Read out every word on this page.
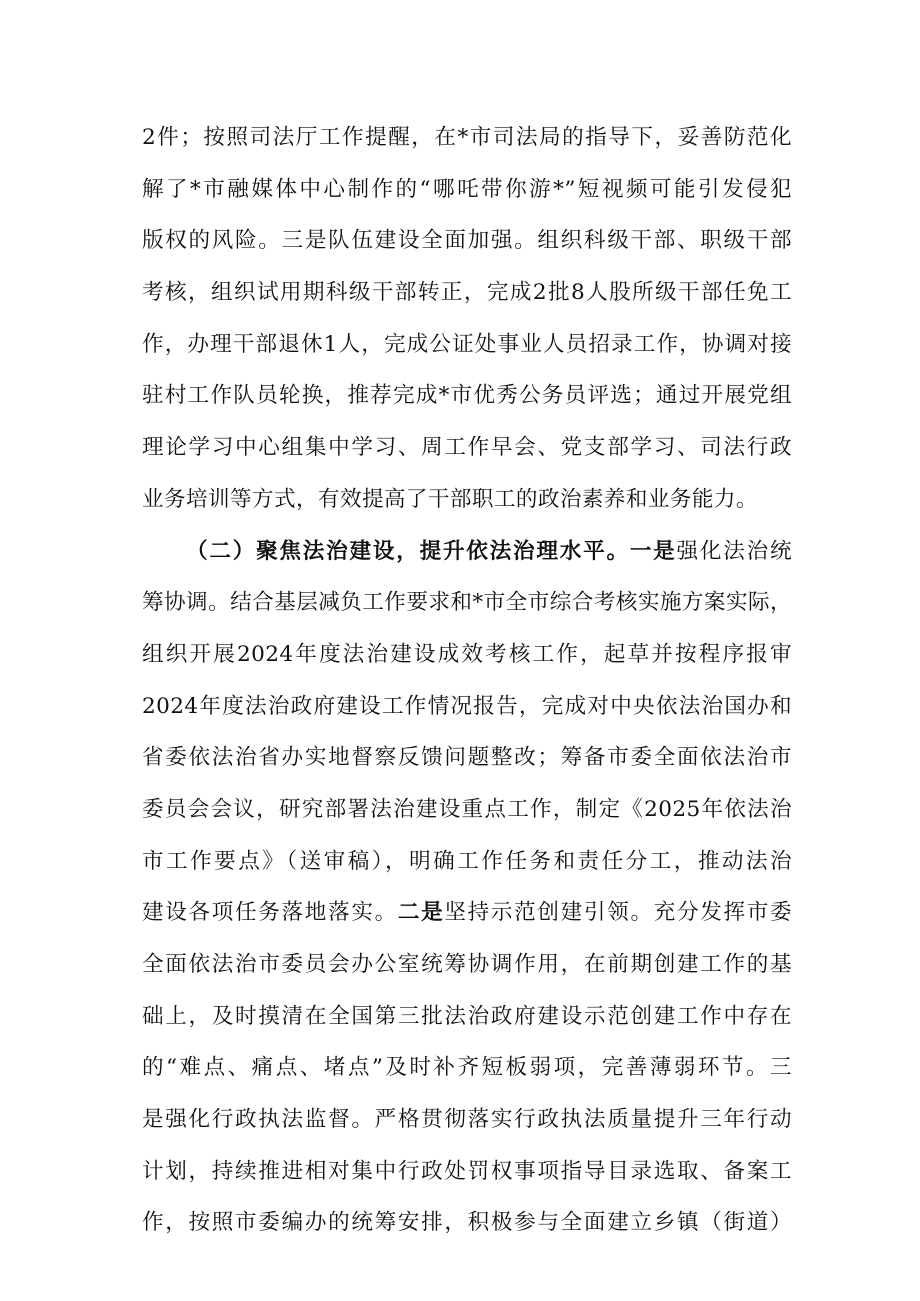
2件；按照司法厅工作提醒，在*市司法局的指导下，妥善防范化
解了*市融媒体中心制作的“哪吒带你游*”短视频可能引发侵犯
版权的风险。三是队伍建设全面加强。组织科级干部、职级干部
考核，组织试用期科级干部转正，完成2批8人股所级干部任免工
作，办理干部退休1人，完成公证处事业人员招录工作，协调对接
驻村工作队员轮换，推荐完成*市优秀公务员评选；通过开展党组
理论学习中心组集中学习、周工作早会、党支部学习、司法行政
业务培训等方式，有效提高了干部职工的政治素养和业务能力。
（二）聚焦法治建设，提升依法治理水平。一是强化法治统
筹协调。结合基层减负工作要求和*市全市综合考核实施方案实际，
组织开展2024年度法治建设成效考核工作，起草并按程序报审
2024年度法治政府建设工作情况报告，完成对中央依法治国办和
省委依法治省办实地督察反馈问题整改；筹备市委全面依法治市
委员会会议，研究部署法治建设重点工作，制定《2025年依法治
市工作要点》（送审稿），明确工作任务和责任分工，推动法治
建设各项任务落地落实。二是坚持示范创建引领。充分发挥市委
全面依法治市委员会办公室统筹协调作用，在前期创建工作的基
础上，及时摸清在全国第三批法治政府建设示范创建工作中存在
的“难点、痛点、堵点”及时补齐短板弱项，完善薄弱环节。三
是强化行政执法监督。严格贯彻落实行政执法质量提升三年行动
计划，持续推进相对集中行政处罚权事项指导目录选取、备案工
作，按照市委编办的统筹安排，积极参与全面建立乡镇（街道）
